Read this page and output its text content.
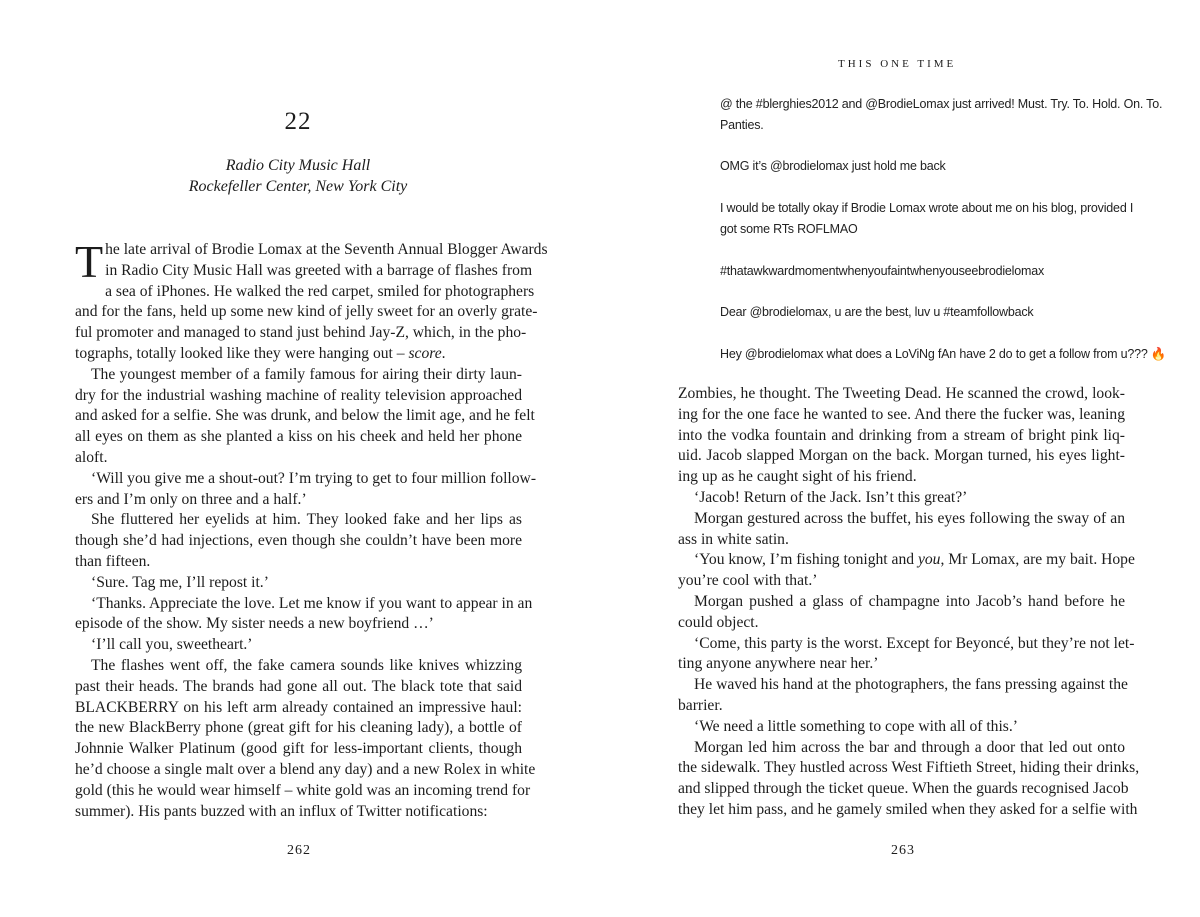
22
Radio City Music Hall
Rockefeller Center, New York City
T he late arrival of Brodie Lomax at the Seventh Annual Blogger Awards
in Radio City Music Hall was greeted with a barrage of flashes from
a sea of iPhones. He walked the red carpet, smiled for photographers
and for the fans, held up some new kind of jelly sweet for an overly grate-
ful promoter and managed to stand just behind Jay-Z, which, in the pho-
tographs, totally looked like they were hanging out – score.
The youngest member of a family famous for airing their dirty laun-
dry for the industrial washing machine of reality television approached
and asked for a selfie. She was drunk, and below the limit age, and he felt
all eyes on them as she planted a kiss on his cheek and held her phone
aloft.
‘Will you give me a shout-out? I’m trying to get to four million follow-
ers and I’m only on three and a half.’
She fluttered her eyelids at him. They looked fake and her lips as
though she’d had injections, even though she couldn’t have been more
than fifteen.
‘Sure. Tag me, I’ll repost it.’
‘Thanks. Appreciate the love. Let me know if you want to appear in an
episode of the show. My sister needs a new boyfriend …’
‘I’ll call you, sweetheart.’
The flashes went off, the fake camera sounds like knives whizzing
past their heads. The brands had gone all out. The black tote that said
BLACKBERRY on his left arm already contained an impressive haul:
the new BlackBerry phone (great gift for his cleaning lady), a bottle of
Johnnie Walker Platinum (good gift for less-important clients, though
he’d choose a single malt over a blend any day) and a new Rolex in white
gold (this he would wear himself – white gold was an incoming trend for
summer). His pants buzzed with an influx of Twitter notifications:
262
THIS ONE TIME
@ the #blerghies2012 and @BrodieLomax just arrived! Must. Try. To. Hold. On. To.
Panties.
OMG it’s @brodielomax just hold me back
I would be totally okay if Brodie Lomax wrote about me on his blog, provided I
got some RTs ROFLMAO
#thatawkwardmomentwhenyoufaintwhenyouseebrodielomax
Dear @brodielomax, u are the best, luv u #teamfollowback
Hey @brodielomax what does a LoViNg fAn have 2 do to get a follow from u??? 🔥
Zombies, he thought. The Tweeting Dead. He scanned the crowd, look-
ing for the one face he wanted to see. And there the fucker was, leaning
into the vodka fountain and drinking from a stream of bright pink liq-
uid. Jacob slapped Morgan on the back. Morgan turned, his eyes light-
ing up as he caught sight of his friend.
‘Jacob! Return of the Jack. Isn’t this great?’
Morgan gestured across the buffet, his eyes following the sway of an
ass in white satin.
‘You know, I’m fishing tonight and you, Mr Lomax, are my bait. Hope
you’re cool with that.’
Morgan pushed a glass of champagne into Jacob’s hand before he
could object.
‘Come, this party is the worst. Except for Beyoncé, but they’re not let-
ting anyone anywhere near her.’
He waved his hand at the photographers, the fans pressing against the
barrier.
‘We need a little something to cope with all of this.’
Morgan led him across the bar and through a door that led out onto
the sidewalk. They hustled across West Fiftieth Street, hiding their drinks,
and slipped through the ticket queue. When the guards recognised Jacob
they let him pass, and he gamely smiled when they asked for a selfie with
263
